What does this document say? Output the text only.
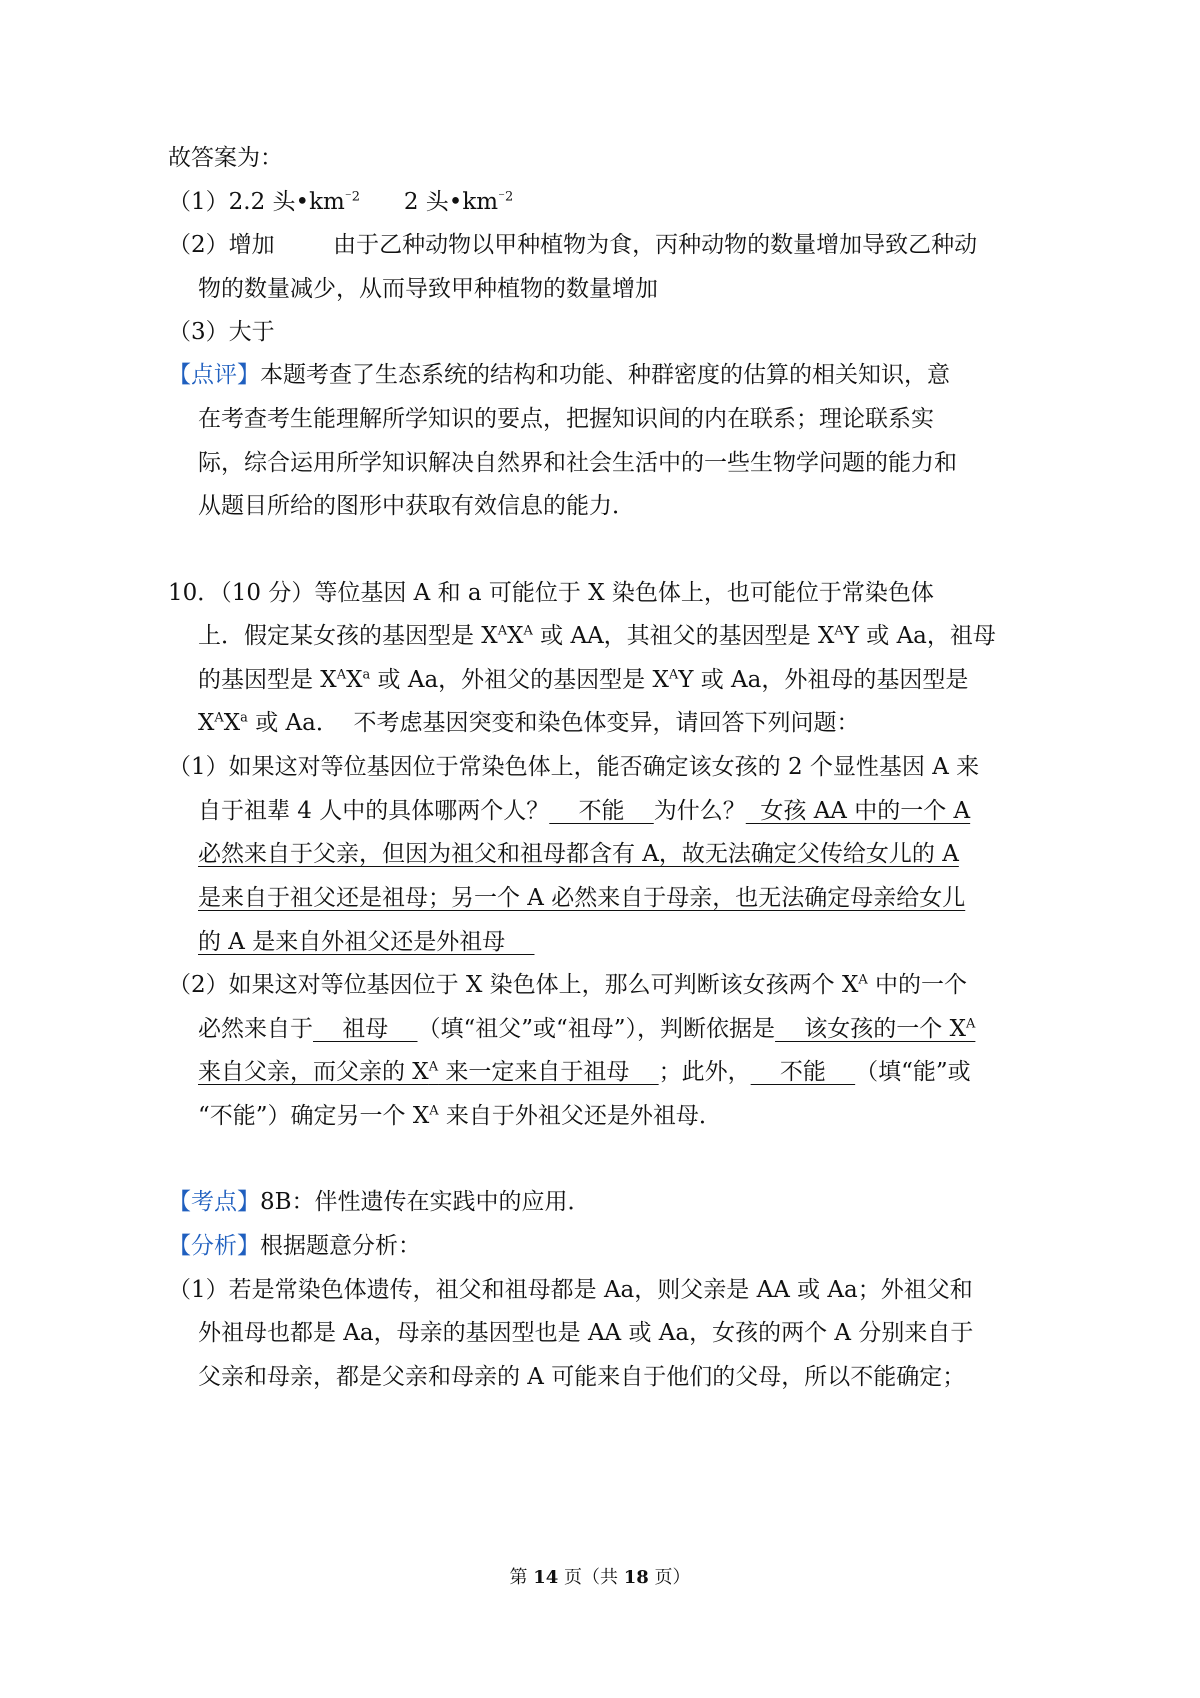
故答案为：
（1）2.2 头$•km^{^-2}$      2 头$•km^{^-2}$
（2）增加        由于乙种动物以甲种植物为食，丙种动物的数量增加导致乙种动
物的数量减少，从而导致甲种植物的数量增加
（3）大于
【点评】本题考查了生态系统的结构和功能、种群密度的估算的相关知识，意
在考查考生能理解所学知识的要点，把握知识间的内在联系；理论联系实
际，综合运用所学知识解决自然界和社会生活中的一些生物学问题的能力和
从题目所给的图形中获取有效信息的能力．
10．（10 分）等位基因 A 和 a 可能位于 X 染色体上，也可能位于常染色体
上．假定某女孩的基因型是 $X^AX^A$ 或 AA，其祖父的基因型是 $X^AY$ 或 Aa，祖母
的基因型是 $X^AX^a$ 或 Aa，外祖父的基因型是 $X^AY$ 或 Aa，外祖母的基因型是
$X^AX^a$ 或 Aa．  不考虑基因突变和染色体变异，请回答下列问题：
（1）如果这对等位基因位于常染色体上，能否确定该女孩的 2 个显性基因 A 来
自于祖辈 4 人中的具体哪两个人？    不能    为什么？  女孩 AA 中的一个 A
必然来自于父亲，但因为祖父和祖母都含有 A，故无法确定父传给女儿的 A
是来自于祖父还是祖母；另一个 A 必然来自于母亲，也无法确定母亲给女儿
的 A 是来自外祖父还是外祖母
（2）如果这对等位基因位于 X 染色体上，那么可判断该女孩两个 $X^A$ 中的一个
必然来自于    祖母    （填“祖父”或“祖母”），判断依据是    该女孩的一个 $X^A$
来自父亲，而父亲的 $X^A$ 来一定来自于祖母    ；此外，    不能    （填“能”或
“不能”）确定另一个 $X^A$ 来自于外祖父还是外祖母．
【考点】8B：伴性遗传在实践中的应用．
【分析】根据题意分析：
（1）若是常染色体遗传，祖父和祖母都是 Aa，则父亲是 AA 或 Aa；外祖父和
外祖母也都是 Aa，母亲的基因型也是 AA 或 Aa，女孩的两个 A 分别来自于
父亲和母亲，都是父亲和母亲的 A 可能来自于他们的父母，所以不能确定；
第 14 页（共 18 页）
